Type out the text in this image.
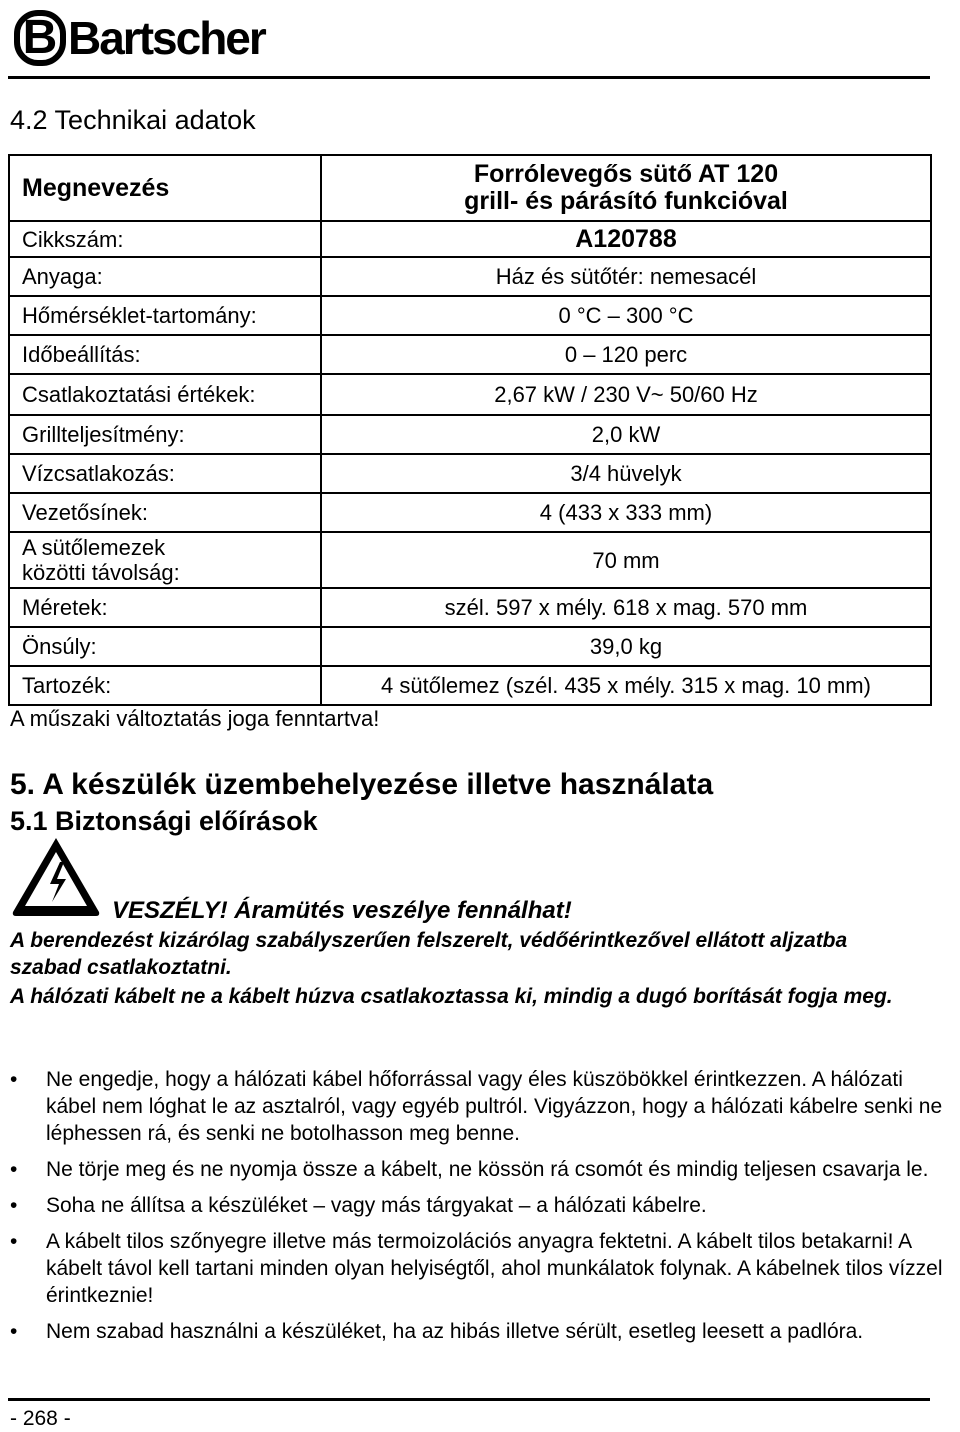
B Bartscher
4.2 Technikai adatok
Megnevezés	Forrólevegős sütő AT 120
grill- és párásító funkcióval

Cikkszám:	A120788
Anyaga:	Ház és sütőtér: nemesacél
Hőmérséklet-tartomány:	0 °C – 300 °C
Időbeállítás:	0 – 120 perc
Csatlakoztatási értékek:	2,67 kW / 230 V~ 50/60 Hz
Grillteljesítmény:	2,0 kW
Vízcsatlakozás:	3/4 hüvelyk
Vezetősínek:	4 (433 x 333 mm)

A sütőlemezek
közötti távolság:	70 mm
Méretek:	szél. 597 x mély. 618 x mag. 570 mm
Önsúly:	39,0 kg
Tartozék:	4 sütőlemez (szél. 435 x mély. 315 x mag. 10 mm)
A műszaki változtatás joga fenntartva!
5. A készülék üzembehelyezése illetve használata
5.1 Biztonsági előírások
VESZÉLY! Áramütés veszélye fennálhat!

A berendezést kizárólag szabályszerűen felszerelt, védőérintkezővel ellátott aljzatba szabad csatlakoztatni.

A hálózati kábelt ne a kábelt húzva csatlakoztassa ki, mindig a dugó borítását fogja meg.

• Ne engedje, hogy a hálózati kábel hőforrással vagy éles küszöbökkel érintkezzen. A hálózati kábel nem lóghat le az asztalról, vagy egyéb pultról. Vigyázzon, hogy a hálózati kábelre senki ne léphessen rá, és senki ne botolhasson meg benne.
• Ne törje meg és ne nyomja össze a kábelt, ne kössön rá csomót és mindig teljesen csavarja le.
• Soha ne állítsa a készüléket – vagy más tárgyakat – a hálózati kábelre.
• A kábelt tilos szőnyegre illetve más termoizolációs anyagra fektetni. A kábelt tilos betakarni! A kábelt távol kell tartani minden olyan helyiségtől, ahol munkálatok folynak. A kábelnek tilos vízzel érintkeznie!
• Nem szabad használni a készüléket, ha az hibás illetve sérült, esetleg leesett a padlóra.
- 268 -
